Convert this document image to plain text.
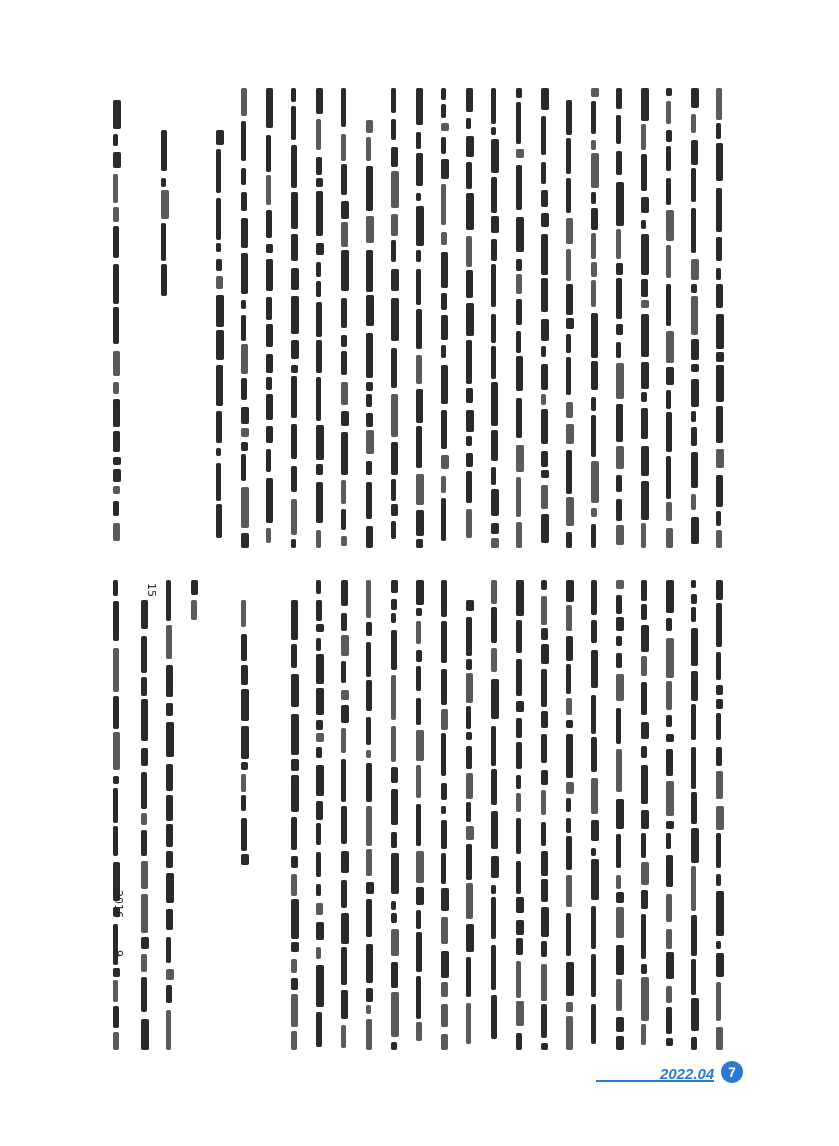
15
2016
9
2022.04 7
